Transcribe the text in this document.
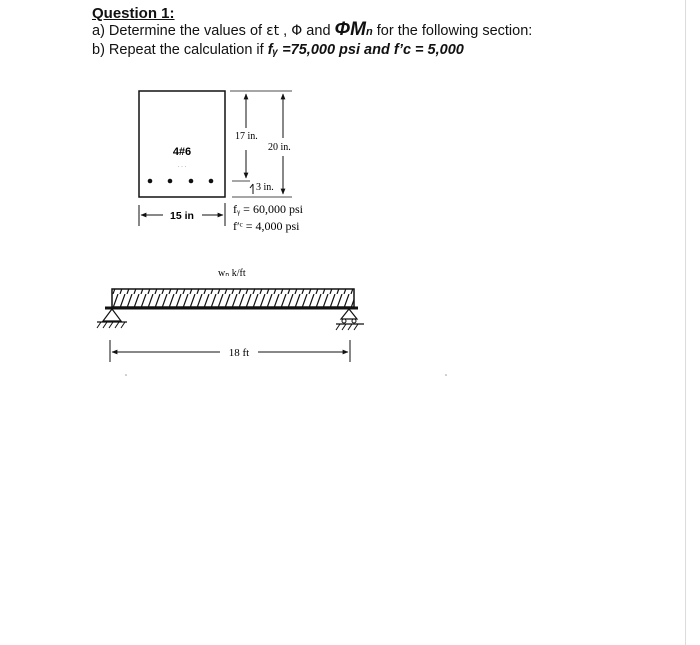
Question 1:
a) Determine the values of εt , Φ and ΦMn for the following section:
b) Repeat the calculation if fᵧ =75,000 psi and f’c = 5,000
4#6
· · ·
17 in.
20 in.
3 in.
15 in	fᵧ = 60,000 psi
f′ᶜ = 4,000 psi
wₙ k/ft
18 ft
